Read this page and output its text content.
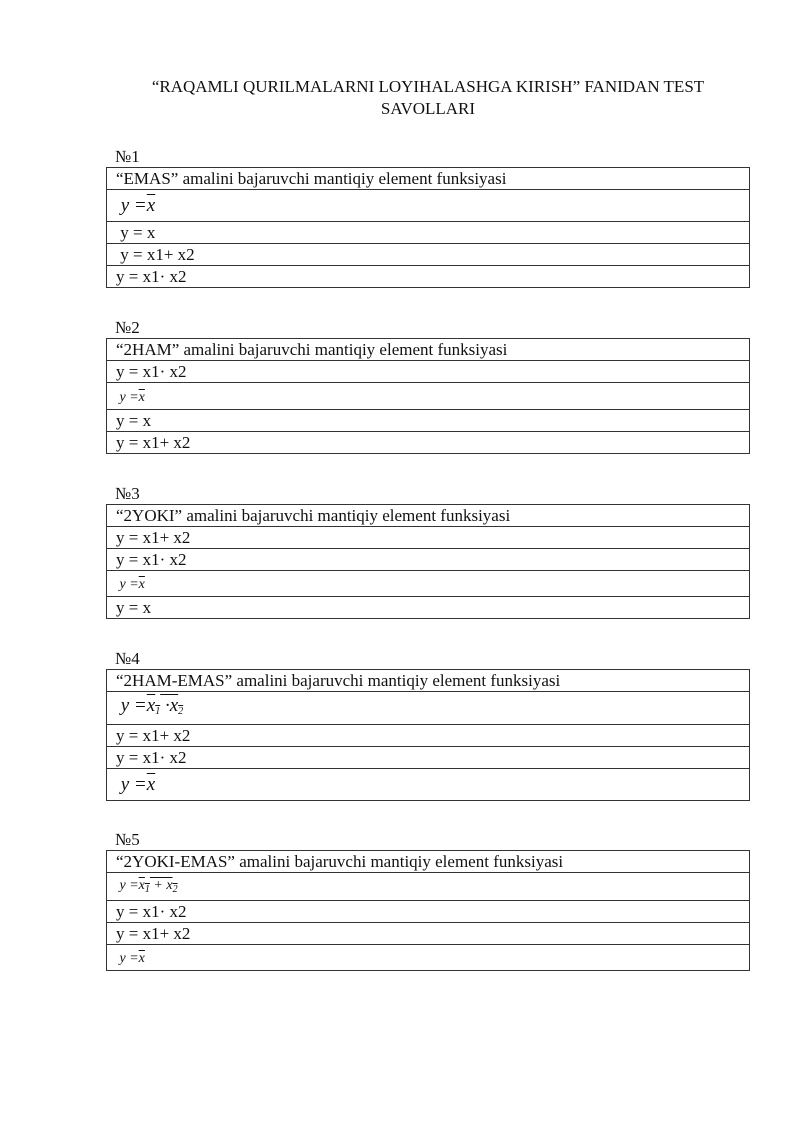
“RAQAMLI QURILMALARNI LOYIHALASHGA KIRISH” FANIDAN TEST
SAVOLLARI
№1
“EMAS” amalini bajaruvchi mantiqiy element funksiyasi
$y =\overline{x}$
y = x
y = x1+ x2
y = x1· x2
№2
“2HAM” amalini bajaruvchi mantiqiy element funksiyasi
y = x1· x2
$y =\overline{x}$
y = x
y = x1+ x2
№3
“2YOKI” amalini bajaruvchi mantiqiy element funksiyasi
y = x1+ x2
y = x1· x2
$y =\overline{x}$
y = x
№4
“2HAM-EMAS” amalini bajaruvchi mantiqiy element funksiyasi
$y =x_1 \cdot x_2$
y = x1+ x2
y = x1· x2
$y =\overline{x}$
№5
“2YOKI-EMAS” amalini bajaruvchi mantiqiy element funksiyasi
$y =x_1 + x_2$
y = x1· x2
y = x1+ x2
$y =\overline{x}$
